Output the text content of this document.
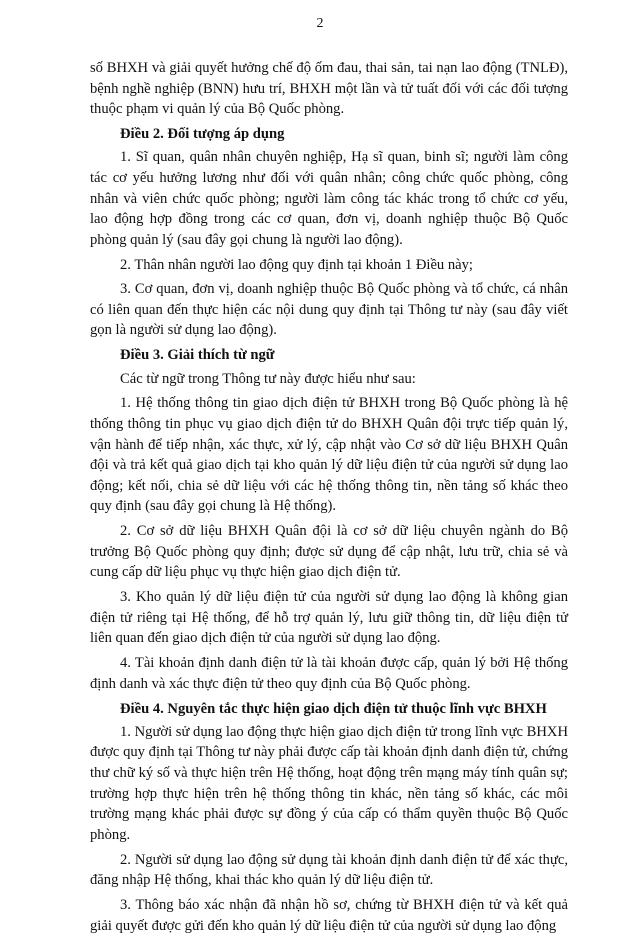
2

số BHXH và giải quyết hưởng chế độ ốm đau, thai sản, tai nạn lao động (TNLĐ), bệnh nghề nghiệp (BNN) hưu trí, BHXH một lần và tử tuất đối với các đối tượng thuộc phạm vi quản lý của Bộ Quốc phòng.

Điều 2. Đối tượng áp dụng

1. Sĩ quan, quân nhân chuyên nghiệp, Hạ sĩ quan, binh sĩ; người làm công tác cơ yếu hưởng lương như đối với quân nhân; công chức quốc phòng, công nhân và viên chức quốc phòng; người làm công tác khác trong tổ chức cơ yếu, lao động hợp đồng trong các cơ quan, đơn vị, doanh nghiệp thuộc Bộ Quốc phòng quản lý (sau đây gọi chung là người lao động).

2. Thân nhân người lao động quy định tại khoản 1 Điều này;

3. Cơ quan, đơn vị, doanh nghiệp thuộc Bộ Quốc phòng và tổ chức, cá nhân có liên quan đến thực hiện các nội dung quy định tại Thông tư này (sau đây viết gọn là người sử dụng lao động).

Điều 3. Giải thích từ ngữ

Các từ ngữ trong Thông tư này được hiểu như sau:

1. Hệ thống thông tin giao dịch điện tử BHXH trong Bộ Quốc phòng là hệ thống thông tin phục vụ giao dịch điện tử do BHXH Quân đội trực tiếp quản lý, vận hành để tiếp nhận, xác thực, xử lý, cập nhật vào Cơ sở dữ liệu BHXH Quân đội và trả kết quả giao dịch tại kho quản lý dữ liệu điện tử của người sử dụng lao động; kết nối, chia sẻ dữ liệu với các hệ thống thông tin, nền tảng số khác theo quy định (sau đây gọi chung là Hệ thống).

2. Cơ sở dữ liệu BHXH Quân đội là cơ sở dữ liệu chuyên ngành do Bộ trưởng Bộ Quốc phòng quy định; được sử dụng để cập nhật, lưu trữ, chia sẻ và cung cấp dữ liệu phục vụ thực hiện giao dịch điện tử.

3. Kho quản lý dữ liệu điện tử của người sử dụng lao động là không gian điện tử riêng tại Hệ thống, để hỗ trợ quản lý, lưu giữ thông tin, dữ liệu điện tử liên quan đến giao dịch điện tử của người sử dụng lao động.

4. Tài khoản định danh điện tử là tài khoản được cấp, quản lý bởi Hệ thống định danh và xác thực điện tử theo quy định của Bộ Quốc phòng.

Điều 4. Nguyên tắc thực hiện giao dịch điện tử thuộc lĩnh vực BHXH

1. Người sử dụng lao động thực hiện giao dịch điện tử trong lĩnh vực BHXH được quy định tại Thông tư này phải được cấp tài khoản định danh điện tử, chứng thư chữ ký số và thực hiện trên Hệ thống, hoạt động trên mạng máy tính quân sự; trường hợp thực hiện trên hệ thống thông tin khác, nền tảng số khác, các môi trường mạng khác phải được sự đồng ý của cấp có thẩm quyền thuộc Bộ Quốc phòng.

2. Người sử dụng lao động sử dụng tài khoản định danh điện tử để xác thực, đăng nhập Hệ thống, khai thác kho quản lý dữ liệu điện tử.

3. Thông báo xác nhận đã nhận hồ sơ, chứng từ BHXH điện tử và kết quả giải quyết được gửi đến kho quản lý dữ liệu điện tử của người sử dụng lao động
